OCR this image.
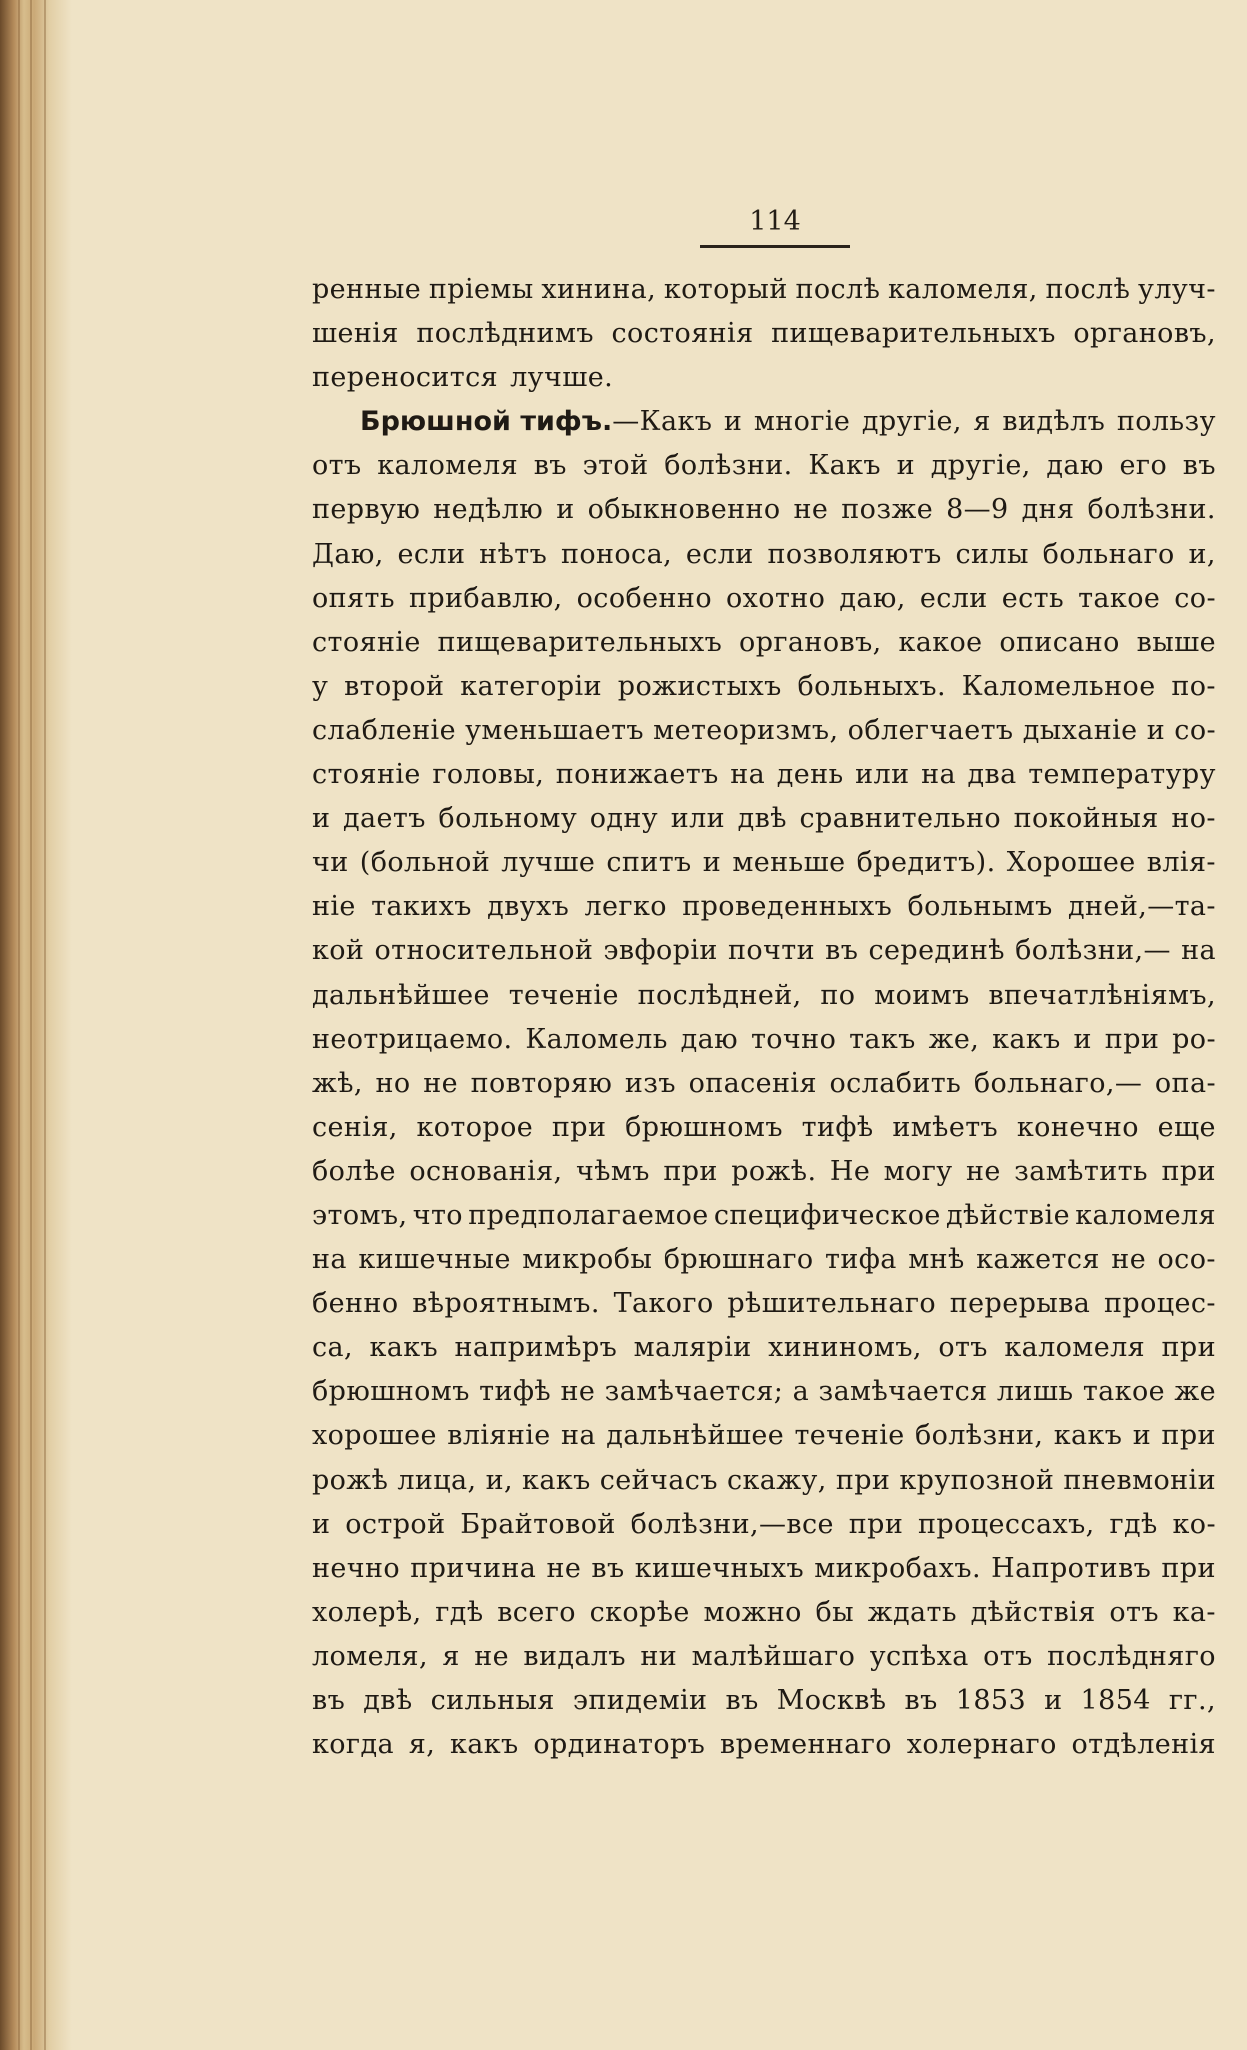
114
ренные пріемы хинина, который послѣ каломеля, послѣ улуч-
шенія послѣднимъ состоянія пищеварительныхъ органовъ,
переносится лучше.
Брюшной тифъ.—Какъ и многіе другіе, я видѣлъ пользу
отъ каломеля въ этой болѣзни. Какъ и другіе, даю его въ
первую недѣлю и обыкновенно не позже 8—9 дня болѣзни.
Даю, если нѣтъ поноса, если позволяютъ силы больнаго и,
опять прибавлю, особенно охотно даю, если есть такое со-
стояніе пищеварительныхъ органовъ, какое описано выше
у второй категоріи рожистыхъ больныхъ. Каломельное по-
слабленіе уменьшаетъ метеоризмъ, облегчаетъ дыханіе и со-
стояніе головы, понижаетъ на день или на два температуру
и даетъ больному одну или двѣ сравнительно покойныя но-
чи (больной лучше спитъ и меньше бредитъ). Хорошее влія-
ніе такихъ двухъ легко проведенныхъ больнымъ дней,—та-
кой относительной эвфоріи почти въ серединѣ болѣзни,— на
дальнѣйшее теченіе послѣдней, по моимъ впечатлѣніямъ,
неотрицаемо. Каломель даю точно такъ же, какъ и при ро-
жѣ, но не повторяю изъ опасенія ослабить больнаго,— опа-
сенія, которое при брюшномъ тифѣ имѣетъ конечно еще
болѣе основанія, чѣмъ при рожѣ. Не могу не замѣтить при
этомъ, что предполагаемое специфическое дѣйствіе каломеля
на кишечные микробы брюшнаго тифа мнѣ кажется не осо-
бенно вѣроятнымъ. Такого рѣшительнаго перерыва процес-
са, какъ напримѣръ маляріи хининомъ, отъ каломеля при
брюшномъ тифѣ не замѣчается; а замѣчается лишь такое же
хорошее вліяніе на дальнѣйшее теченіе болѣзни, какъ и при
рожѣ лица, и, какъ сейчасъ скажу, при крупозной пневмоніи
и острой Брайтовой болѣзни,—все при процессахъ, гдѣ ко-
нечно причина не въ кишечныхъ микробахъ. Напротивъ при
холерѣ, гдѣ всего скорѣе можно бы ждать дѣйствія отъ ка-
ломеля, я не видалъ ни малѣйшаго успѣха отъ послѣдняго
въ двѣ сильныя эпидеміи въ Москвѣ въ 1853 и 1854 гг.,
когда я, какъ ординаторъ временнаго холернаго отдѣленія
